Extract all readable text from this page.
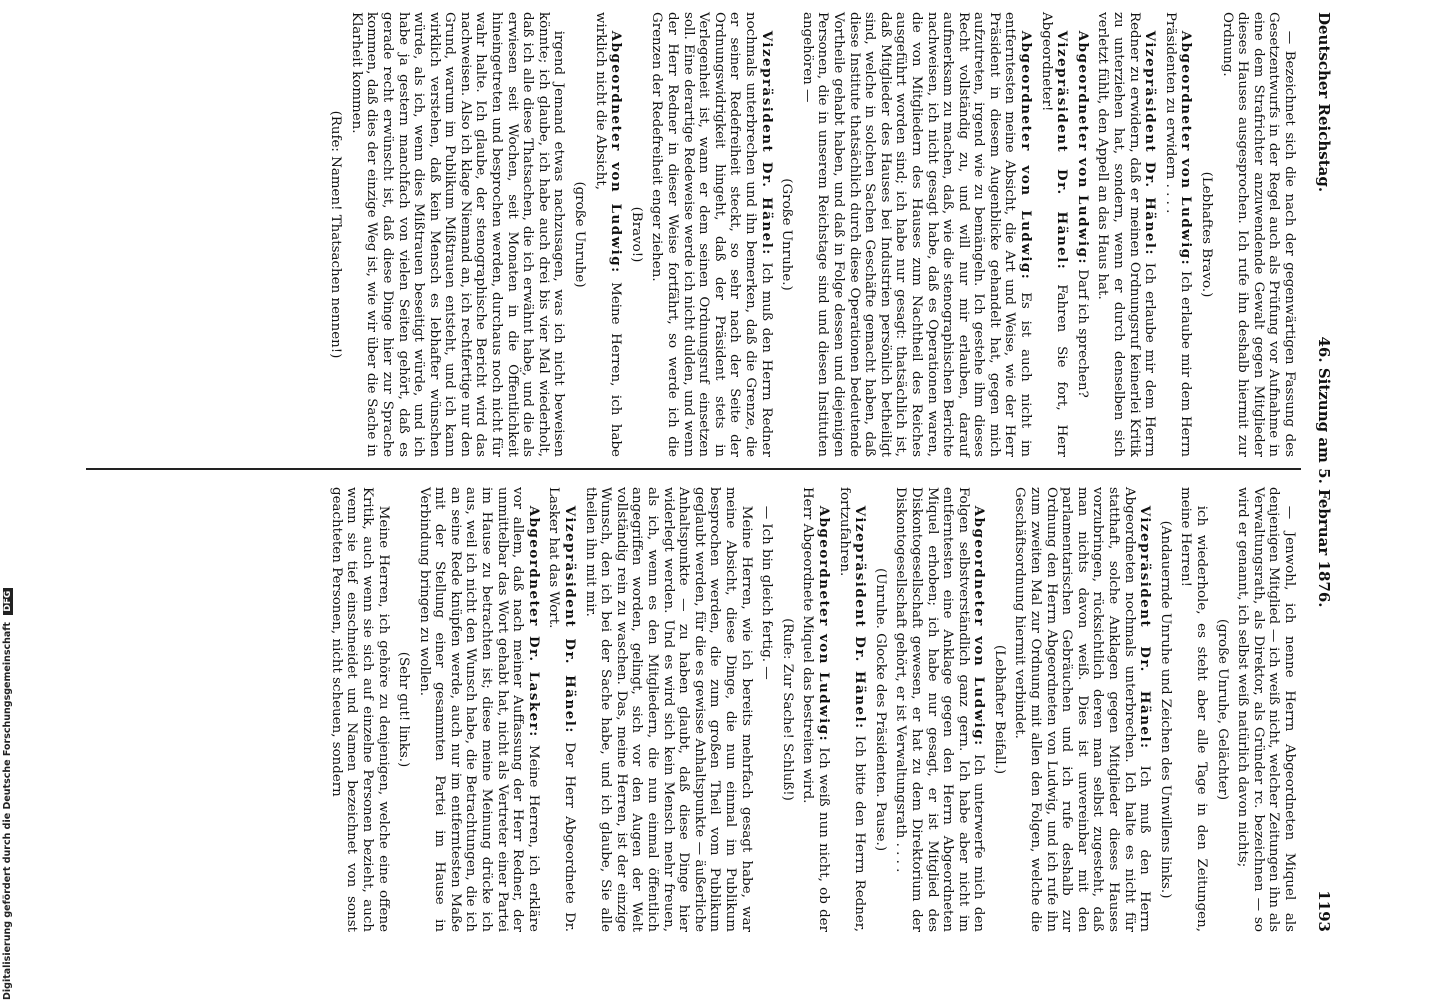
Deutscher Reichstag.
46. Sitzung am 5. Februar 1876.
1193

— Bezeichnet sich die nach der gegenwärtigen Fassung des Gesetzentwurfs in der Regel auch als Prüfung vor Aufnahme in eine dem Strafrichter anzuwendende Gewalt gegen Mitglieder dieses Hauses ausgesprochen. Ich rufe ihn deshalb hiermit zur Ordnung.

(Lebhaftes Bravo.)

Abgeordneter von Ludwig: Ich erlaube mir dem Herrn Präsidenten zu erwidern . . . .

Vizepräsident Dr. Hänel: Ich erlaube mir dem Herrn Redner zu erwidern, daß er meinen Ordnungsruf keinerlei Kritik zu unterziehen hat, sondern, wenn er durch denselben sich verletzt fühlt, den Appell an das Haus hat.

Abgeordneter von Ludwig: Darf ich sprechen?

Vizepräsident Dr. Hänel: Fahren Sie fort, Herr Abgeordneter!

Abgeordneter von Ludwig: Es ist auch nicht im entferntesten meine Absicht, die Art und Weise, wie der Herr Präsident in diesem Augenblicke gehandelt hat, gegen mich aufzutreten, irgend wie zu bemängeln. Ich gestehe ihm dieses Recht vollständig zu, und will nur mir erlauben, darauf aufmerksam zu machen, daß, wie die stenographischen Berichte nachweisen, ich nicht gesagt habe, daß es Operationen waren, die von Mitgliedern des Hauses zum Nachtheil des Reiches ausgeführt worden sind; ich habe nur gesagt: thatsächlich ist, daß Mitglieder des Hauses bei Industrien persönlich betheiligt sind, welche in solchen Sachen Geschäfte gemacht haben, daß diese Institute thatsächlich durch diese Operationen bedeutende Vortheile gehabt haben, und daß in Folge dessen und diejenigen Personen, die in unserem Reichstage sind und diesen Instituten angehören —

(Große Unruhe.)

Vizepräsident Dr. Hänel: Ich muß den Herrn Redner nochmals unterbrechen und ihn bemerken, daß die Grenze, die er seiner Redefreiheit steckt, so sehr nach der Seite der Ordnungswidrigkeit hingeht, daß der Präsident stets in Verlegenheit ist, wann er dem seinen Ordnungsruf einsetzen soll. Eine derartige Redeweise werde ich nicht dulden, und wenn der Herr Redner in dieser Weise fortfährt, so werde ich die Grenzen der Redefreiheit enger ziehen.

(Bravo!)

Abgeordneter von Ludwig: Meine Herren, ich habe wirklich nicht die Absicht,

(große Unruhe)

irgend Jemand etwas nachzusagen, was ich nicht beweisen könnte; ich glaube, ich habe auch drei bis vier Mal wiederholt, daß ich alle diese Thatsachen, die ich erwähnt habe, und die als erwiesen seit Wochen, seit Monaten in die Öffentlichkeit hineingetreten und besprochen werden, durchaus noch nicht für wahr halte. Ich glaube, der stenographische Bericht wird das nachweisen. Also ich klage Niemand an, ich rechtfertige nur den Grund, warum im Publikum Mißtrauen entsteht, und ich kann wirklich verstehen, daß kein Mensch es lebhafter wünschen würde, als ich, wenn dies Mißtrauen beseitigt würde, und ich habe ja gestern manchfach von vielen Seiten gehört, daß es gerade recht erwünscht ist, daß diese Dinge hier zur Sprache kommen, daß dies der einzige Weg ist, wie wir über die Sache in Klarheit kommen.

(Rufe: Namen! Thatsachen nennen!)

— Jenwohl, ich nenne Herrn Abgeordneten Miquel als denjenigen Mitglied — ich weiß nicht, welcher Zeitungen ihn als Verwaltungsrath, als Direktor, als Gründer rc. bezeichnen — so wird er genannt, ich selbst weiß natürlich davon nichts;

(große Unruhe, Gelächter)

ich wiederhole, es steht aber alle Tage in den Zeitungen, meine Herren!

(Andauernde Unruhe und Zeichen des Unwillens links.)

Vizepräsident Dr. Hänel: Ich muß den Herrn Abgeordneten nochmals unterbrechen. Ich halte es nicht für statthaft, solche Anklagen gegen Mitglieder dieses Hauses vorzubringen, rücksichtlich deren man selbst zugesteht, daß man nichts davon weiß. Dies ist unvereinbar mit den parlamentarischen Gebräuchen und ich rufe deshalb zur Ordnung den Herrn Abgeordneten von Ludwig, und ich rufe ihn zum zweiten Mal zur Ordnung mit allen den Folgen, welche die Geschäftsordnung hiermit verbindet.

(Lebhafter Beifall.)

Abgeordneter von Ludwig: Ich unterwerfe mich den Folgen selbstverständlich ganz gern. Ich habe aber nicht im entferntesten eine Anklage gegen den Herrn Abgeordneten Miquel erhoben; ich habe nur gesagt, er ist Mitglied des Diskontogesellschaft gewesen, er hat zu dem Direktorium der Diskontogesellschaft gehört, er ist Verwaltungsrath . . . .

(Unruhe. Glocke des Präsidenten. Pause.)

Vizepräsident Dr. Hänel: Ich bitte den Herrn Redner, fortzufahren.

Abgeordneter von Ludwig: Ich weiß nun nicht, ob der Herr Abgeordnete Miquel das bestreiten wird.

(Rufe: Zur Sache! Schluß!)

— Ich bin gleich fertig. —

Meine Herren, wie ich bereits mehrfach gesagt habe, war meine Absicht, diese Dinge, die nun einmal im Publikum besprochen werden, die zum großen Theil vom Publikum geglaubt werden, für die es gewisse Anhaltspunkte — äußerliche Anhaltspunkte — zu haben glaubt, daß diese Dinge hier widerlegt werden. Und es wird sich kein Mensch mehr freuen, als ich, wenn es den Mitgliedern, die nun einmal öffentlich angegriffen worden, gelingt, sich vor den Augen der Welt vollständig rein zu waschen. Das, meine Herren, ist der einzige Wunsch, den ich bei der Sache habe, und ich glaube, Sie alle theilen ihn mit mir.

Vizepräsident Dr. Hänel: Der Herr Abgeordnete Dr. Lasker hat das Wort.

Abgeordneter Dr. Lasker: Meine Herren, ich erkläre vor allem, daß nach meiner Auffassung der Herr Redner, der unmittelbar das Wort gehabt hat, nicht als Vertreter einer Partei im Hause zu betrachten ist; diese meine Meinung drücke ich aus, weil ich nicht den Wunsch habe, die Betrachtungen, die ich an seine Rede knüpfen werde, auch nur im entferntesten Maße mit der Stellung einer gesammten Partei im Hause in Verbindung bringen zu wollen.

(Sehr gut! links.)

Meine Herren, ich gehöre zu denjenigen, welche eine offene Kritik, auch wenn sie sich auf einzelne Personen bezieht, auch wenn sie tief einschneidet und Namen bezeichnet von sonst geachteten Personen, nicht scheuen, sondern

Digitalisierung gefördert durch die Deutsche Forschungsgemeinschaft DFG
